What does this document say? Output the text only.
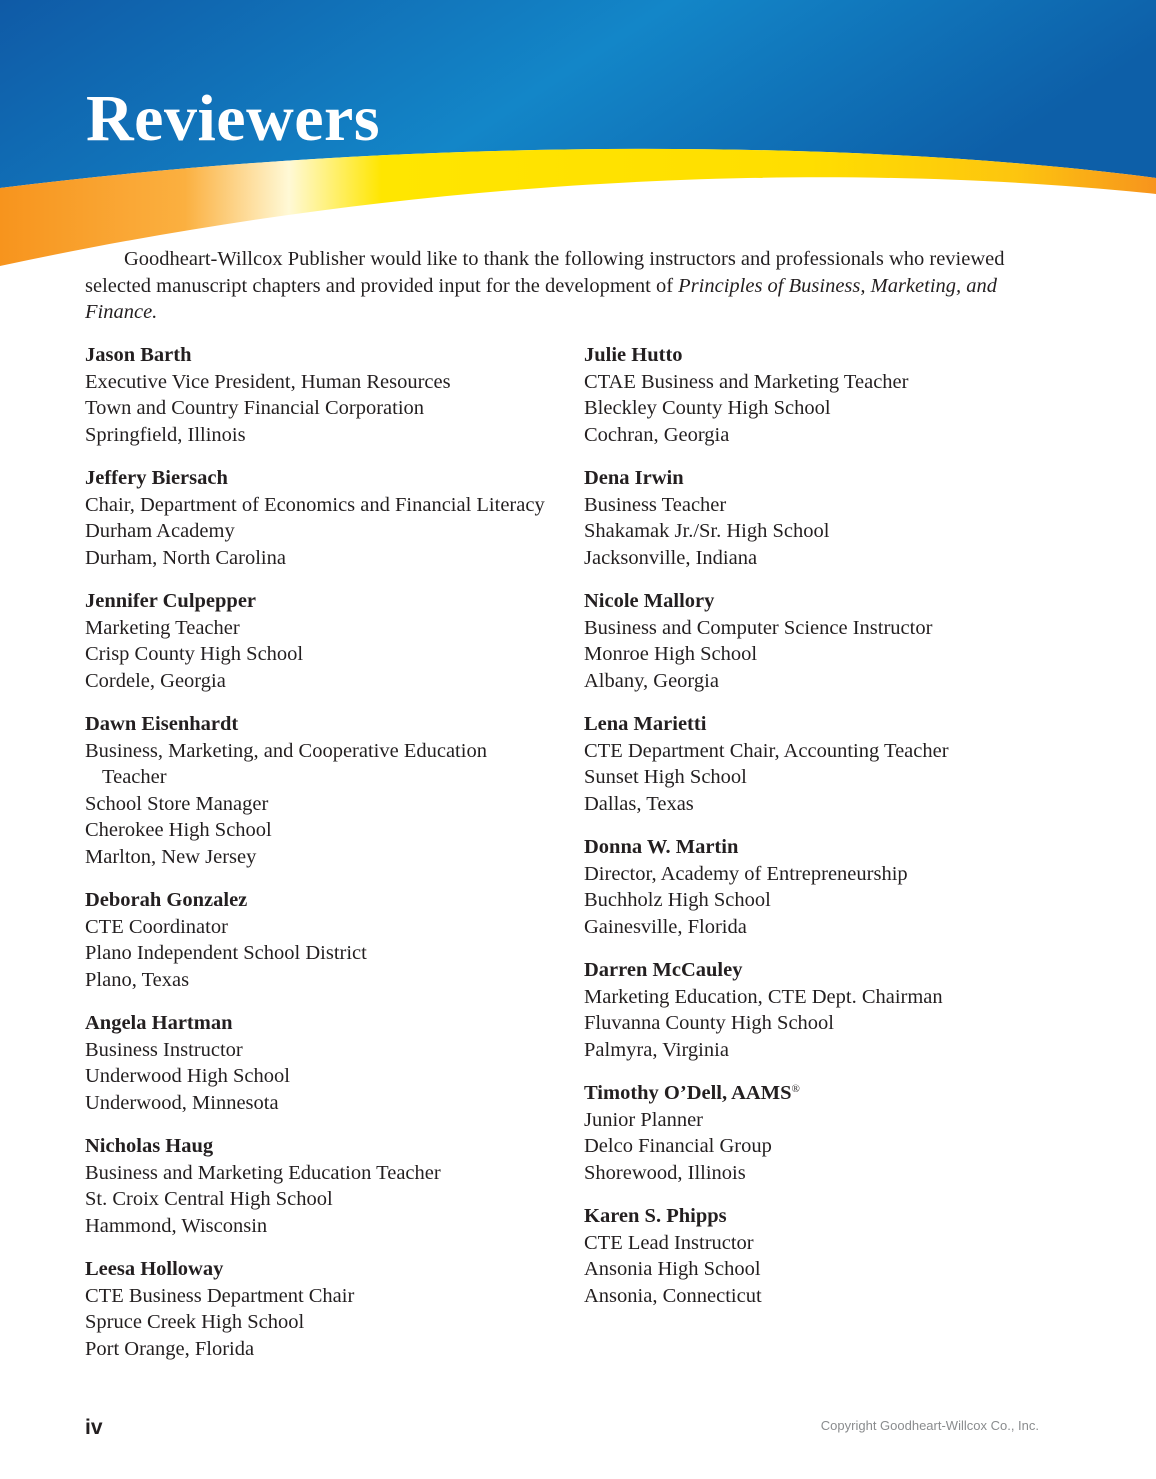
Reviewers

Goodheart-Willcox Publisher would like to thank the following instructors and professionals who reviewed selected manuscript chapters and provided input for the development of Principles of Business, Marketing, and Finance.

Jason Barth
Executive Vice President, Human Resources
Town and Country Financial Corporation
Springfield, Illinois
Jeffery Biersach
Chair, Department of Economics and Financial Literacy
Durham Academy
Durham, North Carolina
Jennifer Culpepper
Marketing Teacher
Crisp County High School
Cordele, Georgia
Dawn Eisenhardt
Business, Marketing, and Cooperative Education Teacher
School Store Manager
Cherokee High School
Marlton, New Jersey
Deborah Gonzalez
CTE Coordinator
Plano Independent School District
Plano, Texas
Angela Hartman
Business Instructor
Underwood High School
Underwood, Minnesota
Nicholas Haug
Business and Marketing Education Teacher
St. Croix Central High School
Hammond, Wisconsin
Leesa Holloway
CTE Business Department Chair
Spruce Creek High School
Port Orange, Florida
Julie Hutto
CTAE Business and Marketing Teacher
Bleckley County High School
Cochran, Georgia
Dena Irwin
Business Teacher
Shakamak Jr./Sr. High School
Jacksonville, Indiana
Nicole Mallory
Business and Computer Science Instructor
Monroe High School
Albany, Georgia
Lena Marietti
CTE Department Chair, Accounting Teacher
Sunset High School
Dallas, Texas
Donna W. Martin
Director, Academy of Entrepreneurship
Buchholz High School
Gainesville, Florida
Darren McCauley
Marketing Education, CTE Dept. Chairman
Fluvanna County High School
Palmyra, Virginia
Timothy O’Dell, AAMS®
Junior Planner
Delco Financial Group
Shorewood, Illinois
Karen S. Phipps
CTE Lead Instructor
Ansonia High School
Ansonia, Connecticut
iv	Copyright Goodheart-Willcox Co., Inc.
